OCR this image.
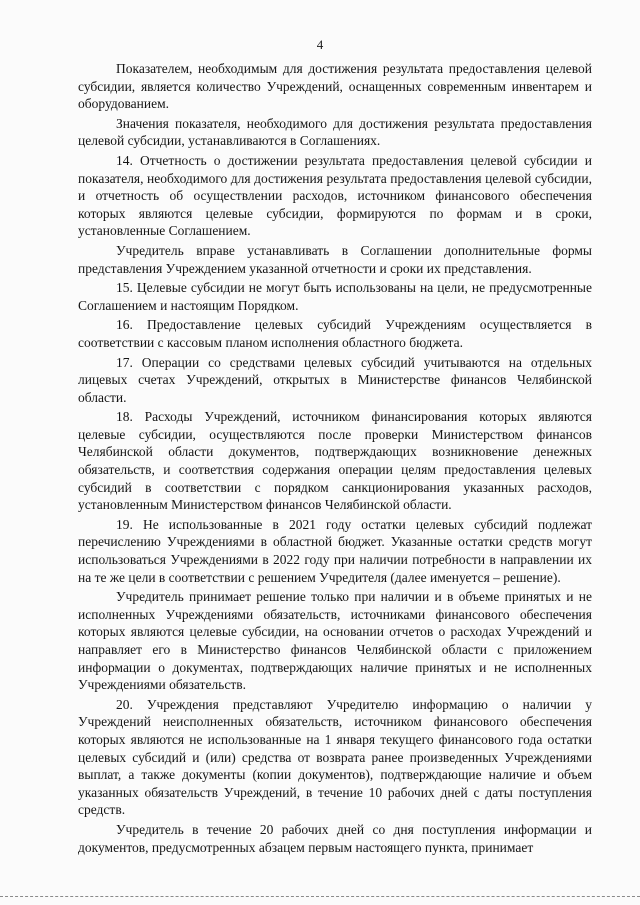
4

Показателем, необходимым для достижения результата предоставления целевой субсидии, является количество Учреждений, оснащенных современным инвентарем и оборудованием.

Значения показателя, необходимого для достижения результата предоставления целевой субсидии, устанавливаются в Соглашениях.

14. Отчетность о достижении результата предоставления целевой субсидии и показателя, необходимого для достижения результата предоставления целевой субсидии, и отчетность об осуществлении расходов, источником финансового обеспечения которых являются целевые субсидии, формируются по формам и в сроки, установленные Соглашением.

Учредитель вправе устанавливать в Соглашении дополнительные формы представления Учреждением указанной отчетности и сроки их представления.

15. Целевые субсидии не могут быть использованы на цели, не предусмотренные Соглашением и настоящим Порядком.

16. Предоставление целевых субсидий Учреждениям осуществляется в соответствии с кассовым планом исполнения областного бюджета.

17. Операции со средствами целевых субсидий учитываются на отдельных лицевых счетах Учреждений, открытых в Министерстве финансов Челябинской области.

18. Расходы Учреждений, источником финансирования которых являются целевые субсидии, осуществляются после проверки Министерством финансов Челябинской области документов, подтверждающих возникновение денежных обязательств, и соответствия содержания операции целям предоставления целевых субсидий в соответствии с порядком санкционирования указанных расходов, установленным Министерством финансов Челябинской области.

19. Не использованные в 2021 году остатки целевых субсидий подлежат перечислению Учреждениями в областной бюджет. Указанные остатки средств могут использоваться Учреждениями в 2022 году при наличии потребности в направлении их на те же цели в соответствии с решением Учредителя (далее именуется – решение).

Учредитель принимает решение только при наличии и в объеме принятых и не исполненных Учреждениями обязательств, источниками финансового обеспечения которых являются целевые субсидии, на основании отчетов о расходах Учреждений и направляет его в Министерство финансов Челябинской области с приложением информации о документах, подтверждающих наличие принятых и не исполненных Учреждениями обязательств.

20. Учреждения представляют Учредителю информацию о наличии у Учреждений неисполненных обязательств, источником финансового обеспечения которых являются не использованные на 1 января текущего финансового года остатки целевых субсидий и (или) средства от возврата ранее произведенных Учреждениями выплат, а также документы (копии документов), подтверждающие наличие и объем указанных обязательств Учреждений, в течение 10 рабочих дней с даты поступления средств.

Учредитель в течение 20 рабочих дней со дня поступления информации и документов, предусмотренных абзацем первым настоящего пункта, принимает
